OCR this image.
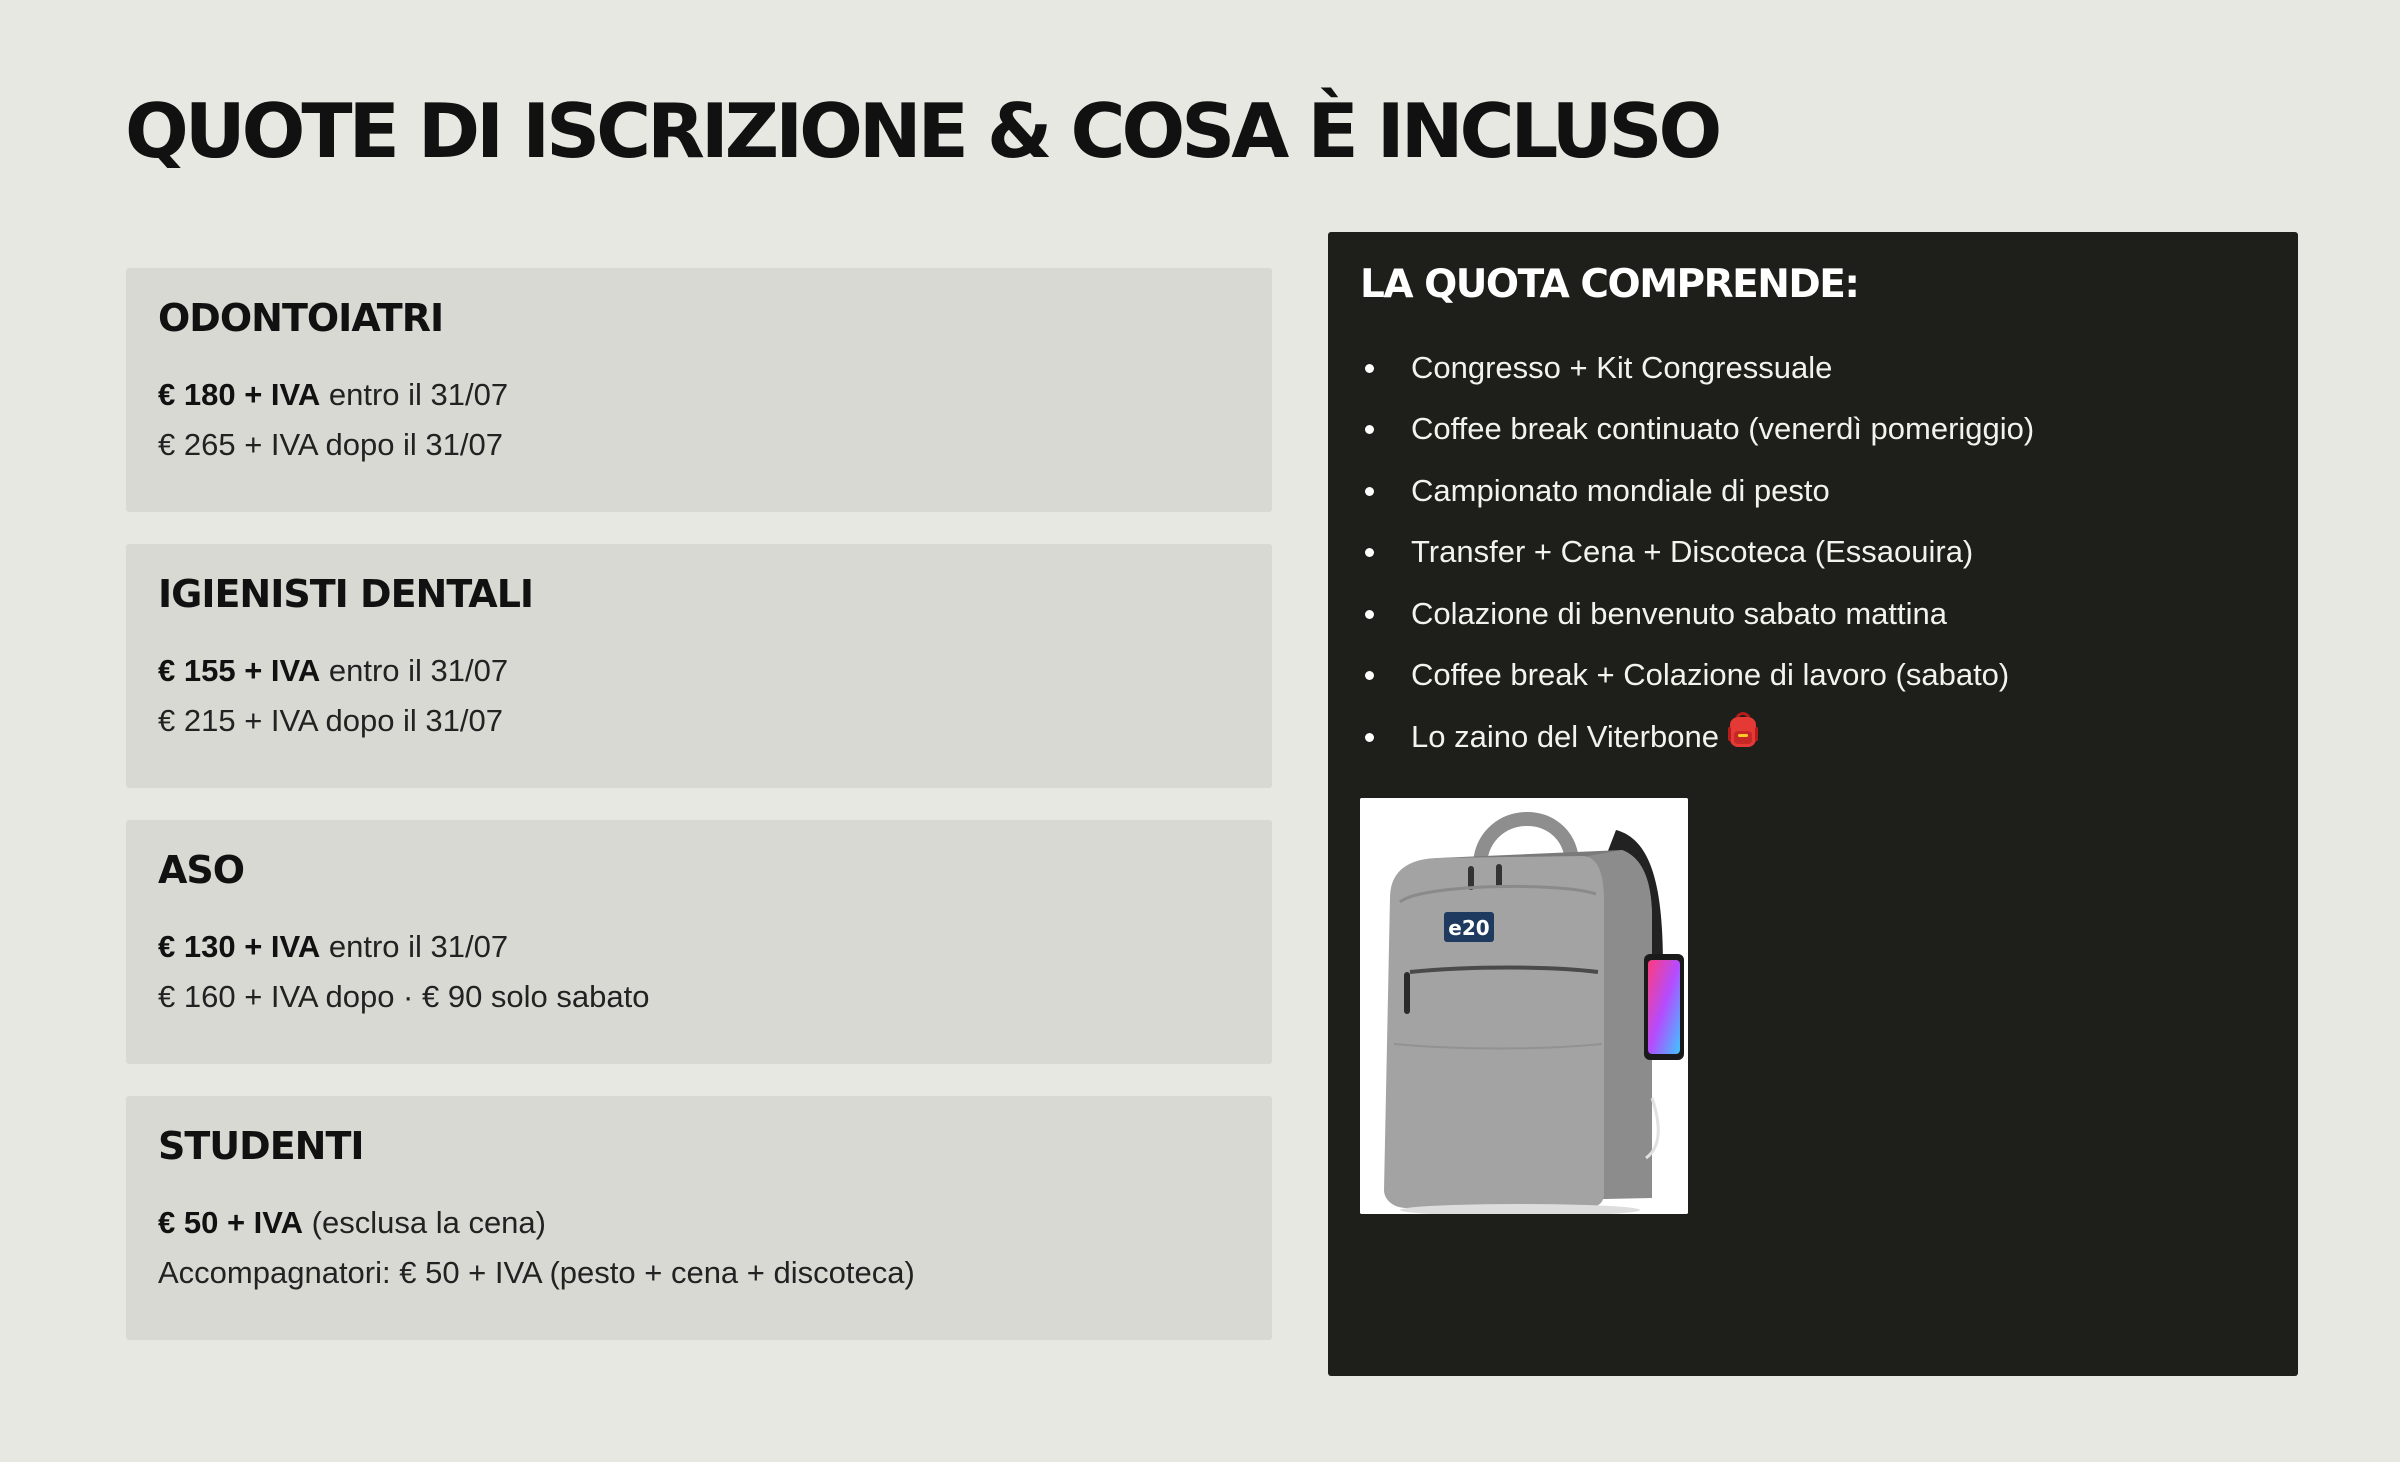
QUOTE DI ISCRIZIONE & COSA È INCLUSO
ODONTOIATRI
€ 180 + IVA entro il 31/07
€ 265 + IVA dopo il 31/07
IGIENISTI DENTALI
€ 155 + IVA entro il 31/07
€ 215 + IVA dopo il 31/07
ASO
€ 130 + IVA entro il 31/07
€ 160 + IVA dopo · € 90 solo sabato
STUDENTI
€ 50 + IVA (esclusa la cena)
Accompagnatori: € 50 + IVA (pesto + cena + discoteca)
LA QUOTA COMPRENDE:
Congresso + Kit Congressuale
Coffee break continuato (venerdì pomeriggio)
Campionato mondiale di pesto
Transfer + Cena + Discoteca (Essaouira)
Colazione di benvenuto sabato mattina
Coffee break + Colazione di lavoro (sabato)
Lo zaino del Viterbone
e20
